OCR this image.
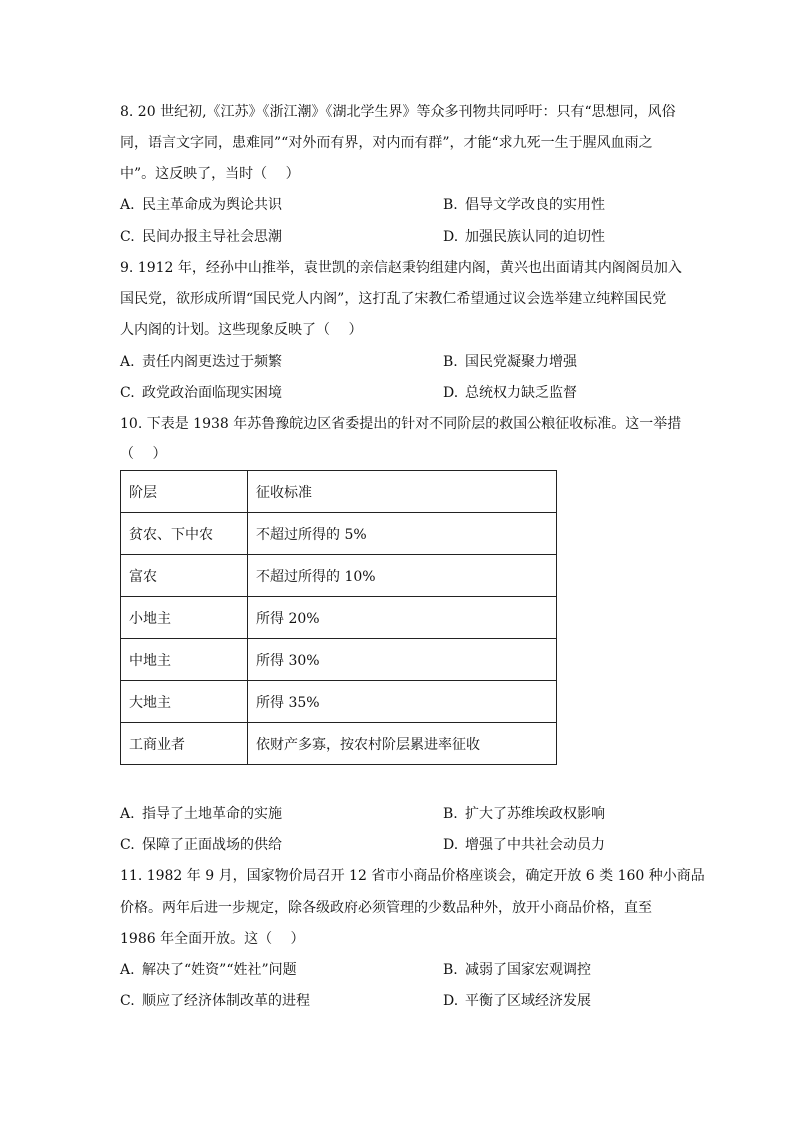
8. 20 世纪初,《江苏》《浙江潮》《湖北学生界》等众多刊物共同呼吁：只有“思想同，风俗
同，语言文字同，患难同”“对外而有界，对内而有群”，才能“求九死一生于腥风血雨之
中”。这反映了，当时（　 ）
A. 民主革命成为舆论共识	B. 倡导文学改良的实用性
C. 民间办报主导社会思潮	D. 加强民族认同的迫切性
9. 1912 年，经孙中山推举，袁世凯的亲信赵秉钧组建内阁，黄兴也出面请其内阁阁员加入
国民党，欲形成所谓“国民党人内阁”，这打乱了宋教仁希望通过议会选举建立纯粹国民党
人内阁的计划。这些现象反映了（　 ）
A. 责任内阁更迭过于频繁	B. 国民党凝聚力增强
C. 政党政治面临现实困境	D. 总统权力缺乏监督
10. 下表是 1938 年苏鲁豫皖边区省委提出的针对不同阶层的救国公粮征收标准。这一举措
（　 ）
阶层	征收标准
贫农、下中农	不超过所得的 5%
富农	不超过所得的 10%
小地主	所得 20%
中地主	所得 30%
大地主	所得 35%
工商业者	依财产多寡，按农村阶层累进率征收
A. 指导了土地革命的实施	B. 扩大了苏维埃政权影响
C. 保障了正面战场的供给	D. 增强了中共社会动员力
11. 1982 年 9 月，国家物价局召开 12 省市小商品价格座谈会，确定开放 6 类 160 种小商品
价格。两年后进一步规定，除各级政府必须管理的少数品种外，放开小商品价格，直至
1986 年全面开放。这（　 ）
A. 解决了“姓资”“姓社”问题	B. 减弱了国家宏观调控
C. 顺应了经济体制改革的进程	D. 平衡了区域经济发展
